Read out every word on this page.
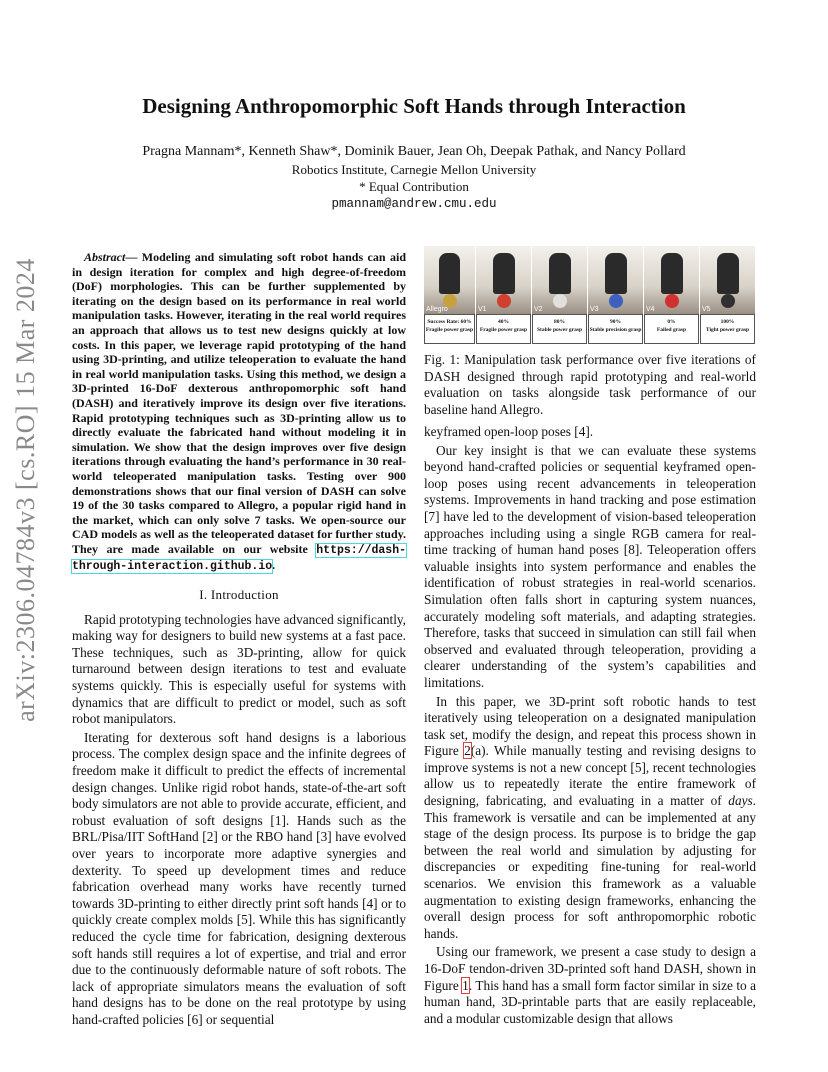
arXiv:2306.04784v3 [cs.RO] 15 Mar 2024
Designing Anthropomorphic Soft Hands through Interaction
Pragna Mannam*, Kenneth Shaw*, Dominik Bauer, Jean Oh, Deepak Pathak, and Nancy Pollard
Robotics Institute, Carnegie Mellon University
* Equal Contribution
pmannam@andrew.cmu.edu

Abstract— Modeling and simulating soft robot hands can aid in design iteration for complex and high degree-of-freedom (DoF) morphologies. This can be further supplemented by iterating on the design based on its performance in real world manipulation tasks. However, iterating in the real world requires an approach that allows us to test new designs quickly at low costs. In this paper, we leverage rapid prototyping of the hand using 3D-printing, and utilize teleoperation to evaluate the hand in real world manipulation tasks. Using this method, we design a 3D-printed 16-DoF dexterous anthropomorphic soft hand (DASH) and iteratively improve its design over five iterations. Rapid prototyping techniques such as 3D-printing allow us to directly evaluate the fabricated hand without modeling it in simulation. We show that the design improves over five design iterations through evaluating the hand’s performance in 30 real-world teleoperated manipulation tasks. Testing over 900 demonstrations shows that our final version of DASH can solve 19 of the 30 tasks compared to Allegro, a popular rigid hand in the market, which can only solve 7 tasks. We open-source our CAD models as well as the teleoperated dataset for further study. They are made available on our website https://dash-through-interaction.github.io.

I. Introduction

Rapid prototyping technologies have advanced significantly, making way for designers to build new systems at a fast pace. These techniques, such as 3D-printing, allow for quick turnaround between design iterations to test and evaluate systems quickly. This is especially useful for systems with dynamics that are difficult to predict or model, such as soft robot manipulators.

Iterating for dexterous soft hand designs is a laborious process. The complex design space and the infinite degrees of freedom make it difficult to predict the effects of incremental design changes. Unlike rigid robot hands, state-of-the-art soft body simulators are not able to provide accurate, efficient, and robust evaluation of soft designs [1]. Hands such as the BRL/Pisa/IIT SoftHand [2] or the RBO hand [3] have evolved over years to incorporate more adaptive synergies and dexterity. To speed up development times and reduce fabrication overhead many works have recently turned towards 3D-printing to either directly print soft hands [4] or to quickly create complex molds [5]. While this has significantly reduced the cycle time for fabrication, designing dexterous soft hands still requires a lot of expertise, and trial and error due to the continuously deformable nature of soft robots. The lack of appropriate simulators means the evaluation of soft hand designs has to be done on the real prototype by using hand-crafted policies [6] or sequential

Allegro
Success Rate: 60%
Fragile power grasp
V1
40%
Fragile power grasp
V2
80%
Stable power grasp
V3
90%
Stable precision grasp
V4
0%
Failed grasp
V5
100%
Tight power grasp
Fig. 1: Manipulation task performance over five iterations of DASH designed through rapid prototyping and real-world evaluation on tasks alongside task performance of our baseline hand Allegro.

keyframed open-loop poses [4].

Our key insight is that we can evaluate these systems beyond hand-crafted policies or sequential keyframed open-loop poses using recent advancements in teleoperation systems. Improvements in hand tracking and pose estimation [7] have led to the development of vision-based teleoperation approaches including using a single RGB camera for real-time tracking of human hand poses [8]. Teleoperation offers valuable insights into system performance and enables the identification of robust strategies in real-world scenarios. Simulation often falls short in capturing system nuances, accurately modeling soft materials, and adapting strategies. Therefore, tasks that succeed in simulation can still fail when observed and evaluated through teleoperation, providing a clearer understanding of the system’s capabilities and limitations.

In this paper, we 3D-print soft robotic hands to test iteratively using teleoperation on a designated manipulation task set, modify the design, and repeat this process shown in Figure 2(a). While manually testing and revising designs to improve systems is not a new concept [5], recent technologies allow us to repeatedly iterate the entire framework of designing, fabricating, and evaluating in a matter of days. This framework is versatile and can be implemented at any stage of the design process. Its purpose is to bridge the gap between the real world and simulation by adjusting for discrepancies or expediting fine-tuning for real-world scenarios. We envision this framework as a valuable augmentation to existing design frameworks, enhancing the overall design process for soft anthropomorphic robotic hands.

Using our framework, we present a case study to design a 16-DoF tendon-driven 3D-printed soft hand DASH, shown in Figure 1. This hand has a small form factor similar in size to a human hand, 3D-printable parts that are easily replaceable, and a modular customizable design that allows
